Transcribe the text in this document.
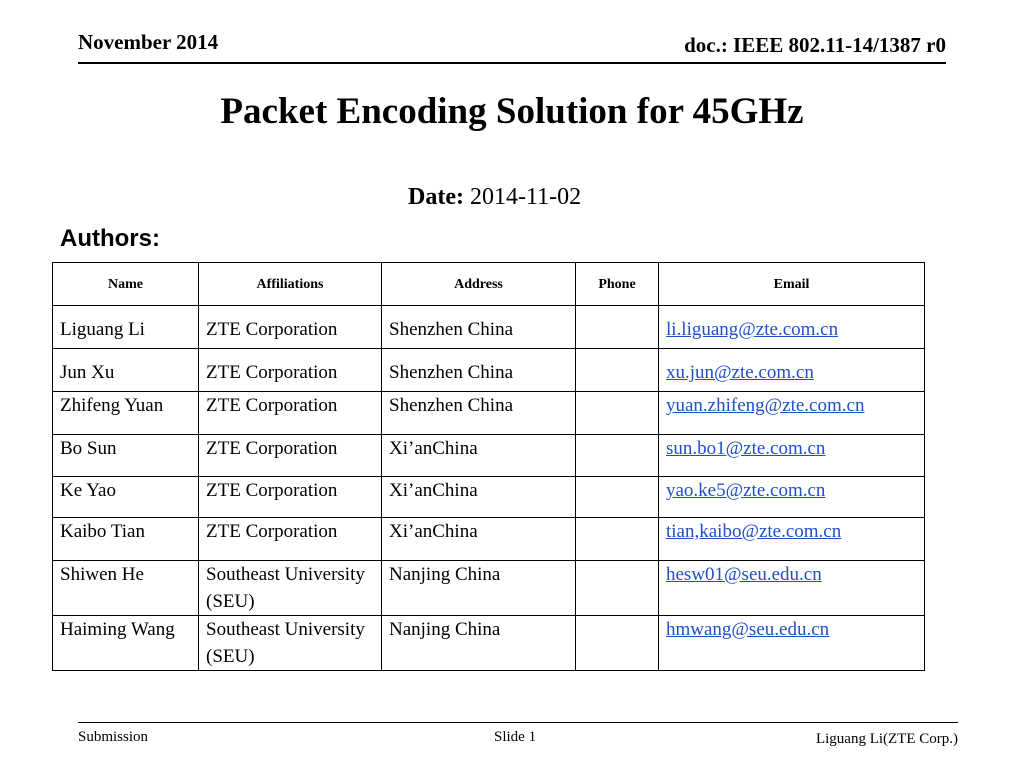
November 2014	doc.: IEEE 802.11-14/1387 r0
Packet Encoding Solution for 45GHz
Date: 2014-11-02
Authors:
Name	Affiliations	Address	Phone	Email
Liguang Li	ZTE Corporation	Shenzhen China		li.liguang@zte.com.cn
Jun Xu	ZTE Corporation	Shenzhen China		xu.jun@zte.com.cn
Zhifeng Yuan	ZTE Corporation	Shenzhen China		yuan.zhifeng@zte.com.cn
Bo Sun	ZTE Corporation	Xi’anChina		sun.bo1@zte.com.cn
Ke Yao	ZTE Corporation	Xi’anChina		yao.ke5@zte.com.cn
Kaibo Tian	ZTE Corporation	Xi’anChina		tian,kaibo@zte.com.cn
Shiwen He	Southeast University (SEU)	Nanjing China		hesw01@seu.edu.cn
Haiming Wang	Southeast University (SEU)	Nanjing China		hmwang@seu.edu.cn
Submission	Slide 1	Liguang Li(ZTE Corp.)
